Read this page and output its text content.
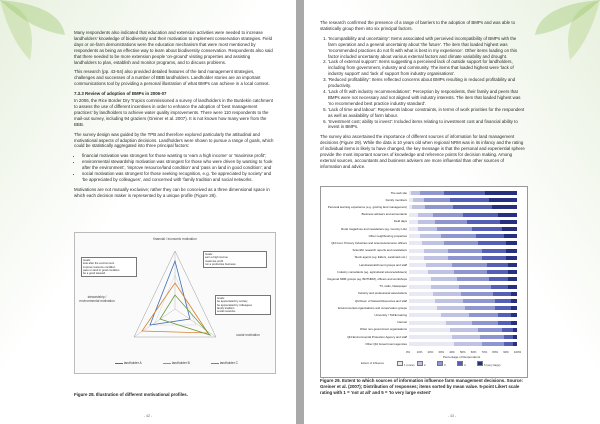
Many respondents also indicated that education and extension activities were needed to increase landholders' knowledge of biodiversity and their motivation to implement conservation strategies. Field days or on-farm demonstrations were the education mechanism that were most mentioned by respondents as being an effective way to learn about biodiversity conservation. Respondents also said that there needed to be more extension people 'on-ground' visiting properties and assisting landholders to plan, establish and monitor programs, and to discuss problems.

This research (pp. 43-54) also provided detailed features of the land management strategies, challenges and successes of a number of BBB landholders. Landholder stories are an important communications tool by providing a personal illustration of what BMPs can achieve in a local context.

7.3.3 Review of adoption of BMPs in 2006-07

In 2006, the Rice Border Dry Tropics commissioned a survey of landholders in the Burdekin catchment to assess the use of different incentives in order to enhance the adoption of 'best management practices' by landholders to achieve water quality improvements. There were 110 respondents to the mail-out survey, including 94 graziers (Greiner et al. 2007). It is not known how many were from the BBB.

The survey design was guided by the TPB and therefore explored particularly the attitudinal and motivational aspects of adoption decisions. Landholders were shown to pursue a range of goals, which could be statistically aggregated into three principal factors:

• financial motivation was strongest for those wanting to 'earn a high income' or 'maximise profit';
• environmental stewardship motivation was strongest for those who were driven by wanting to 'look after the environment', 'improve resource/land condition' and 'pass on land in good condition'; and
• social motivation was strongest for those seeking recognition, e.g. 'be appreciated by society' and 'be appreciated by colleagues', and concerned with 'family tradition and social networks.

Motivations are not mutually exclusive; rather they can be conceived as a three dimensional space in which each decision maker is represented by a unique profile (Figure 28).

financial / economic motivation
stewardship / environmental motivation
social motivation
Goals:
earn a high income
maximise profit
run a productive business
Goals:
look after the environment
improve resource condition
pass on land in good condition
be a good steward
Goals:
be appreciated by society
be appreciated by colleagues
family tradition
social networks
landholder A	landholder B	landholder C
Figure 28. Illustration of different motivational profiles.
- 42 -

The research confirmed the presence of a range of barriers to the adoption of BMPs and was able to statistically group them into six principal factors.

1. 'Incompatibility and uncertainty': Items associated with perceived incompatibility of BMPs with the farm operation and a general uncertainty about 'the future'. The item that loaded highest was 'recommended practices do not fit with what is best in my experience'. Other items loading on this factor included uncertainty about various external factors and climate variability and drought.
2. 'Lack of external support': Items suggesting a perceived lack of outside support for landholders, including from government, industry and community. The items that loaded highest were 'lack of industry support' and 'lack of support from industry organisations'.
3. 'Reduced profitability': Items reflected concerns about BMPs resulting in reduced profitability and productivity.
4. 'Lack of fit with industry recommendations': Perception by respondents, their family and peers that BMPs were not necessary and not aligned with industry interests. The item that loaded highest was 'no recommended best practice industry standard'.
5. 'Lack of time and labour': Represents labour constraints, in terms of work priorities for the respondent as well as availability of farm labour.
6. 'Investment cost; ability to invest': Included items relating to investment cost and financial ability to invest in BMPs.

The survey also ascertained the importance of different sources of information for land management decisions (Figure 29). While the data is 10 years old when regional NRM was in its infancy and the rating of individual items is likely to have changed, the key message is that the personal and experiential sphere provide the most important sources of knowledge and reference points for decision making. Among external sources, accountants and business advisers are more influential than other sources of information and advice.

The web site
Family members
Personal learning experience (e.g. grazing land management)
Business advisers and accountants
Field days
Rural magazines and newsletters (eg. Country Life)
Other neighbouring properties
Qld Govt. Primary Industries and science/extension officers
Scientific research reports and newsletters
Stock agents (eg. Elders, Landmark etc.)
Landcare/catchment groups and staff
Industry consultants (eg. agricultural science/advisers)
Regional NRM groups (eg. BDTNRM), officers and workshops
TV, radio, Newspaper
Industry and professional associations
Qld Dept. of Natural Resources and staff
Environmental organisations and conservation groups
University / TAFE training
Internet
Other non-government organisations
Qld Environmental Protection Agency and staff
Other Qld Government agencies
0% 10% 20% 30% 40% 50% 60% 70% 80% 90% 100%
Percentage of Respondents
Extent of influence	1 (none)	2	3	4	5 (very large)
Figure 29. Extent to which sources of information influence farm management decisions. Source: Greiner et al. (2007); Distribution of responses; items sorted by mean value. 5-point Likert scale rating with 1 = 'not at all' and 5 = 'to very large extent'
- 43 -
